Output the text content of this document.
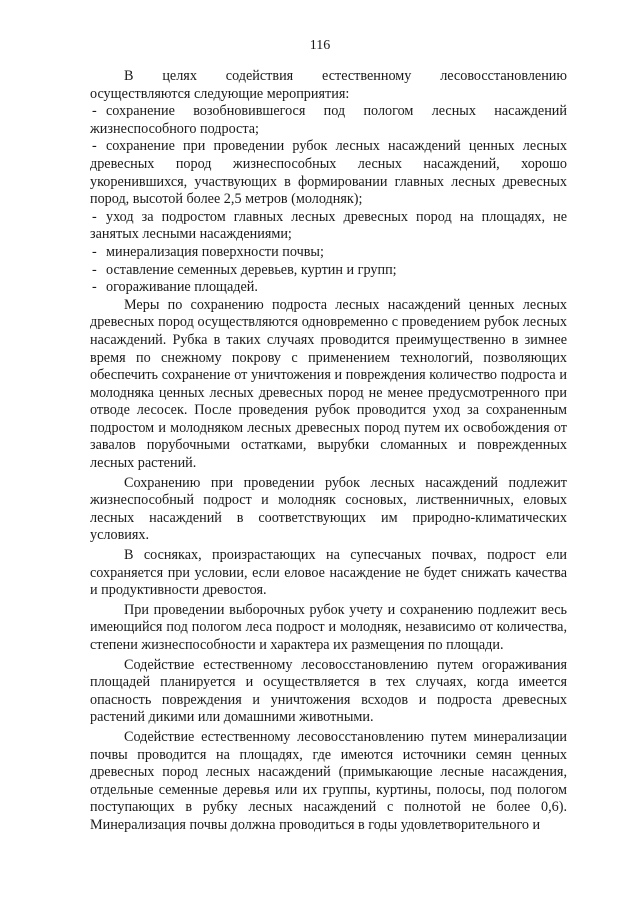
116

В целях содействия естественному лесовосстановлению осуществляются следующие мероприятия:

- сохранение возобновившегося под пологом лесных насаждений жизнеспособного подроста;

- сохранение при проведении рубок лесных насаждений ценных лесных древесных пород жизнеспособных лесных насаждений, хорошо укоренившихся, участвующих в формировании главных лесных древесных пород, высотой более 2,5 метров (молодняк);

- уход за подростом главных лесных древесных пород на площадях, не занятых лесными насаждениями;

- минерализация поверхности почвы;

- оставление семенных деревьев, куртин и групп;

- огораживание площадей.

Меры по сохранению подроста лесных насаждений ценных лесных древесных пород осуществляются одновременно с проведением рубок лесных насаждений. Рубка в таких случаях проводится преимущественно в зимнее время по снежному покрову с применением технологий, позволяющих обеспечить сохранение от уничтожения и повреждения количество подроста и молодняка ценных лесных древесных пород не менее предусмотренного при отводе лесосек. После проведения рубок проводится уход за сохраненным подростом и молодняком лесных древесных пород путем их освобождения от завалов порубочными остатками, вырубки сломанных и поврежденных лесных растений.

Сохранению при проведении рубок лесных насаждений подлежит жизнеспособный подрост и молодняк сосновых, лиственничных, еловых лесных насаждений в соответствующих им природно-климатических условиях.

В сосняках, произрастающих на супесчаных почвах, подрост ели сохраняется при условии, если еловое насаждение не будет снижать качества и продуктивности древостоя.

При проведении выборочных рубок учету и сохранению подлежит весь имеющийся под пологом леса подрост и молодняк, независимо от количества, степени жизнеспособности и характера их размещения по площади.

Содействие естественному лесовосстановлению путем огораживания площадей планируется и осуществляется в тех случаях, когда имеется опасность повреждения и уничтожения всходов и подроста древесных растений дикими или домашними животными.

Содействие естественному лесовосстановлению путем минерализации почвы проводится на площадях, где имеются источники семян ценных древесных пород лесных насаждений (примыкающие лесные насаждения, отдельные семенные деревья или их группы, куртины, полосы, под пологом поступающих в рубку лесных насаждений с полнотой не более 0,6). Минерализация почвы должна проводиться в годы удовлетворительного и
